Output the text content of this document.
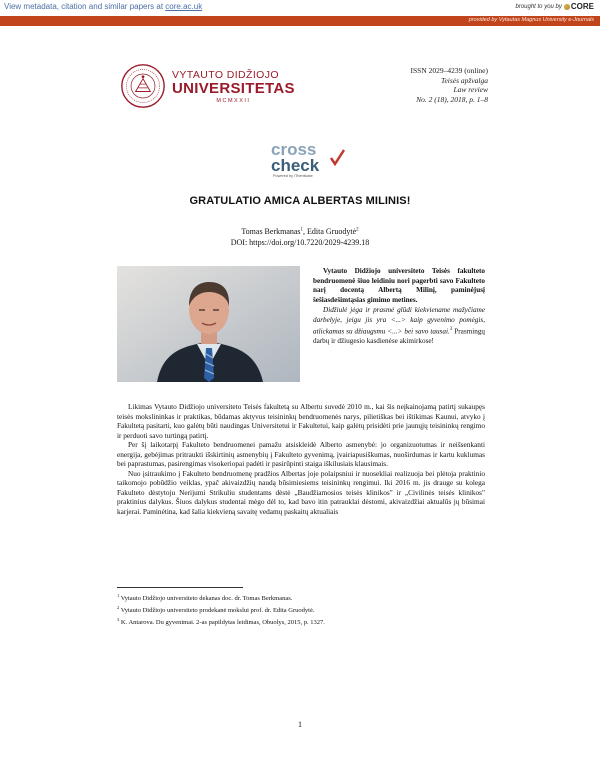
View metadata, citation and similar papers at core.ac.uk	brought to you by CORE
provided by Vytautas Magnus University e-Journals
VYTAUTO DIDŽIOJO
UNIVERSITETAS
MCMXXII
ISSN 2029–4239 (online)
Teisės apžvalga
Law review
No. 2 (18), 2018, p. 1–8
cross
check
Powered by iThenticate
GRATULATIO AMICA ALBERTAS MILINIS!
Tomas Berkmanas$^1$, Edita Gruodytė$^2$
DOI: https://doi.org/10.7220/2029-4239.18

Vytauto Didžiojo universiteto Teisės fakulteto bendruomenė šiuo leidiniu nori pagerbti savo Fakulteto narį docentą Albertą Milinį, paminėjusį šešiasdešimtąsias gimimo metines.

Didžiulė jėga ir prasmė glūdi kiekviename mažyčiame darbelyje, jeigu jis yra <...> kaip gyvenimo pomėgis, atlickamas su džiaugsmu <...> bei savo tausai.$^3$ Prasmingų darbų ir džiugesio kasdienėse akimirkose!

Likimas Vytauto Didžiojo universiteto Teisės fakultetą su Albertu suvedė 2010 m., kai šis neįkainojamą patirtį sukaupęs teisės mokslininkas ir praktikas, būdamas aktyvus teisininkų bendruomenės narys, pilietiškas bei ištikimas Kaunui, atvyko į Fakultetą pasitarti, kuo galėtų būti naudingas Universitetui ir Fakultetui, kaip galėtų prisidėti prie jaunųjų teisininkų rengimo ir perduoti savo turtingą patirtį.

Per šį laikotarpį Fakulteto bendruomenei pamažu atsiskleidė Alberto asmenybė: jo organizuotumas ir neišsenkanti energija, gebėjimas pritraukti išskirtinių asmenybių į Fakulteto gyvenimą, įvairiapusiškumas, nuoširdumas ir kartu kuklumas bei paprastumas, pasirengimas visokeriopai padėti ir pasirūpinti staiga iškilusiais klausimais.

Nuo įsitraukimo į Fakulteto bendruomenę pradžios Albertas joje polaipsniui ir nuosekliai realizuoja bei plėtoja praktinio taikomojo pobūdžio veiklas, ypač akivaizdžių naudą būsimiesiems teisininkų rengimui. Iki 2016 m. jis drauge su kolega Fakulteto dėstytoju Nerijumi Strikuliu studentams dėstė „Baudžiamosios teisės klinikos" ir „Civilinės teisės klinikos" praktinius dalykus. Šiuos dalykus studentai mėgo dėl to, kad bavo itin patrauklai dėstomi, akivaizdžiai aktualūs jų būsimai karjerai. Paminėtina, kad šalia kiekvieną savaitę vedamų paskaitų aktualiais

$^1$ Vytauto Didžiojo universiteto dekanas doc. dr. Tomas Berkmanas.
$^2$ Vytauto Didžiojo universiteto prodekanė mokslui prof. dr. Edita Gruodytė.
$^3$ K. Antarova. Du gyvenimai. 2-as papildytas leidimas, Obuolys, 2015, p. 1327.
1
